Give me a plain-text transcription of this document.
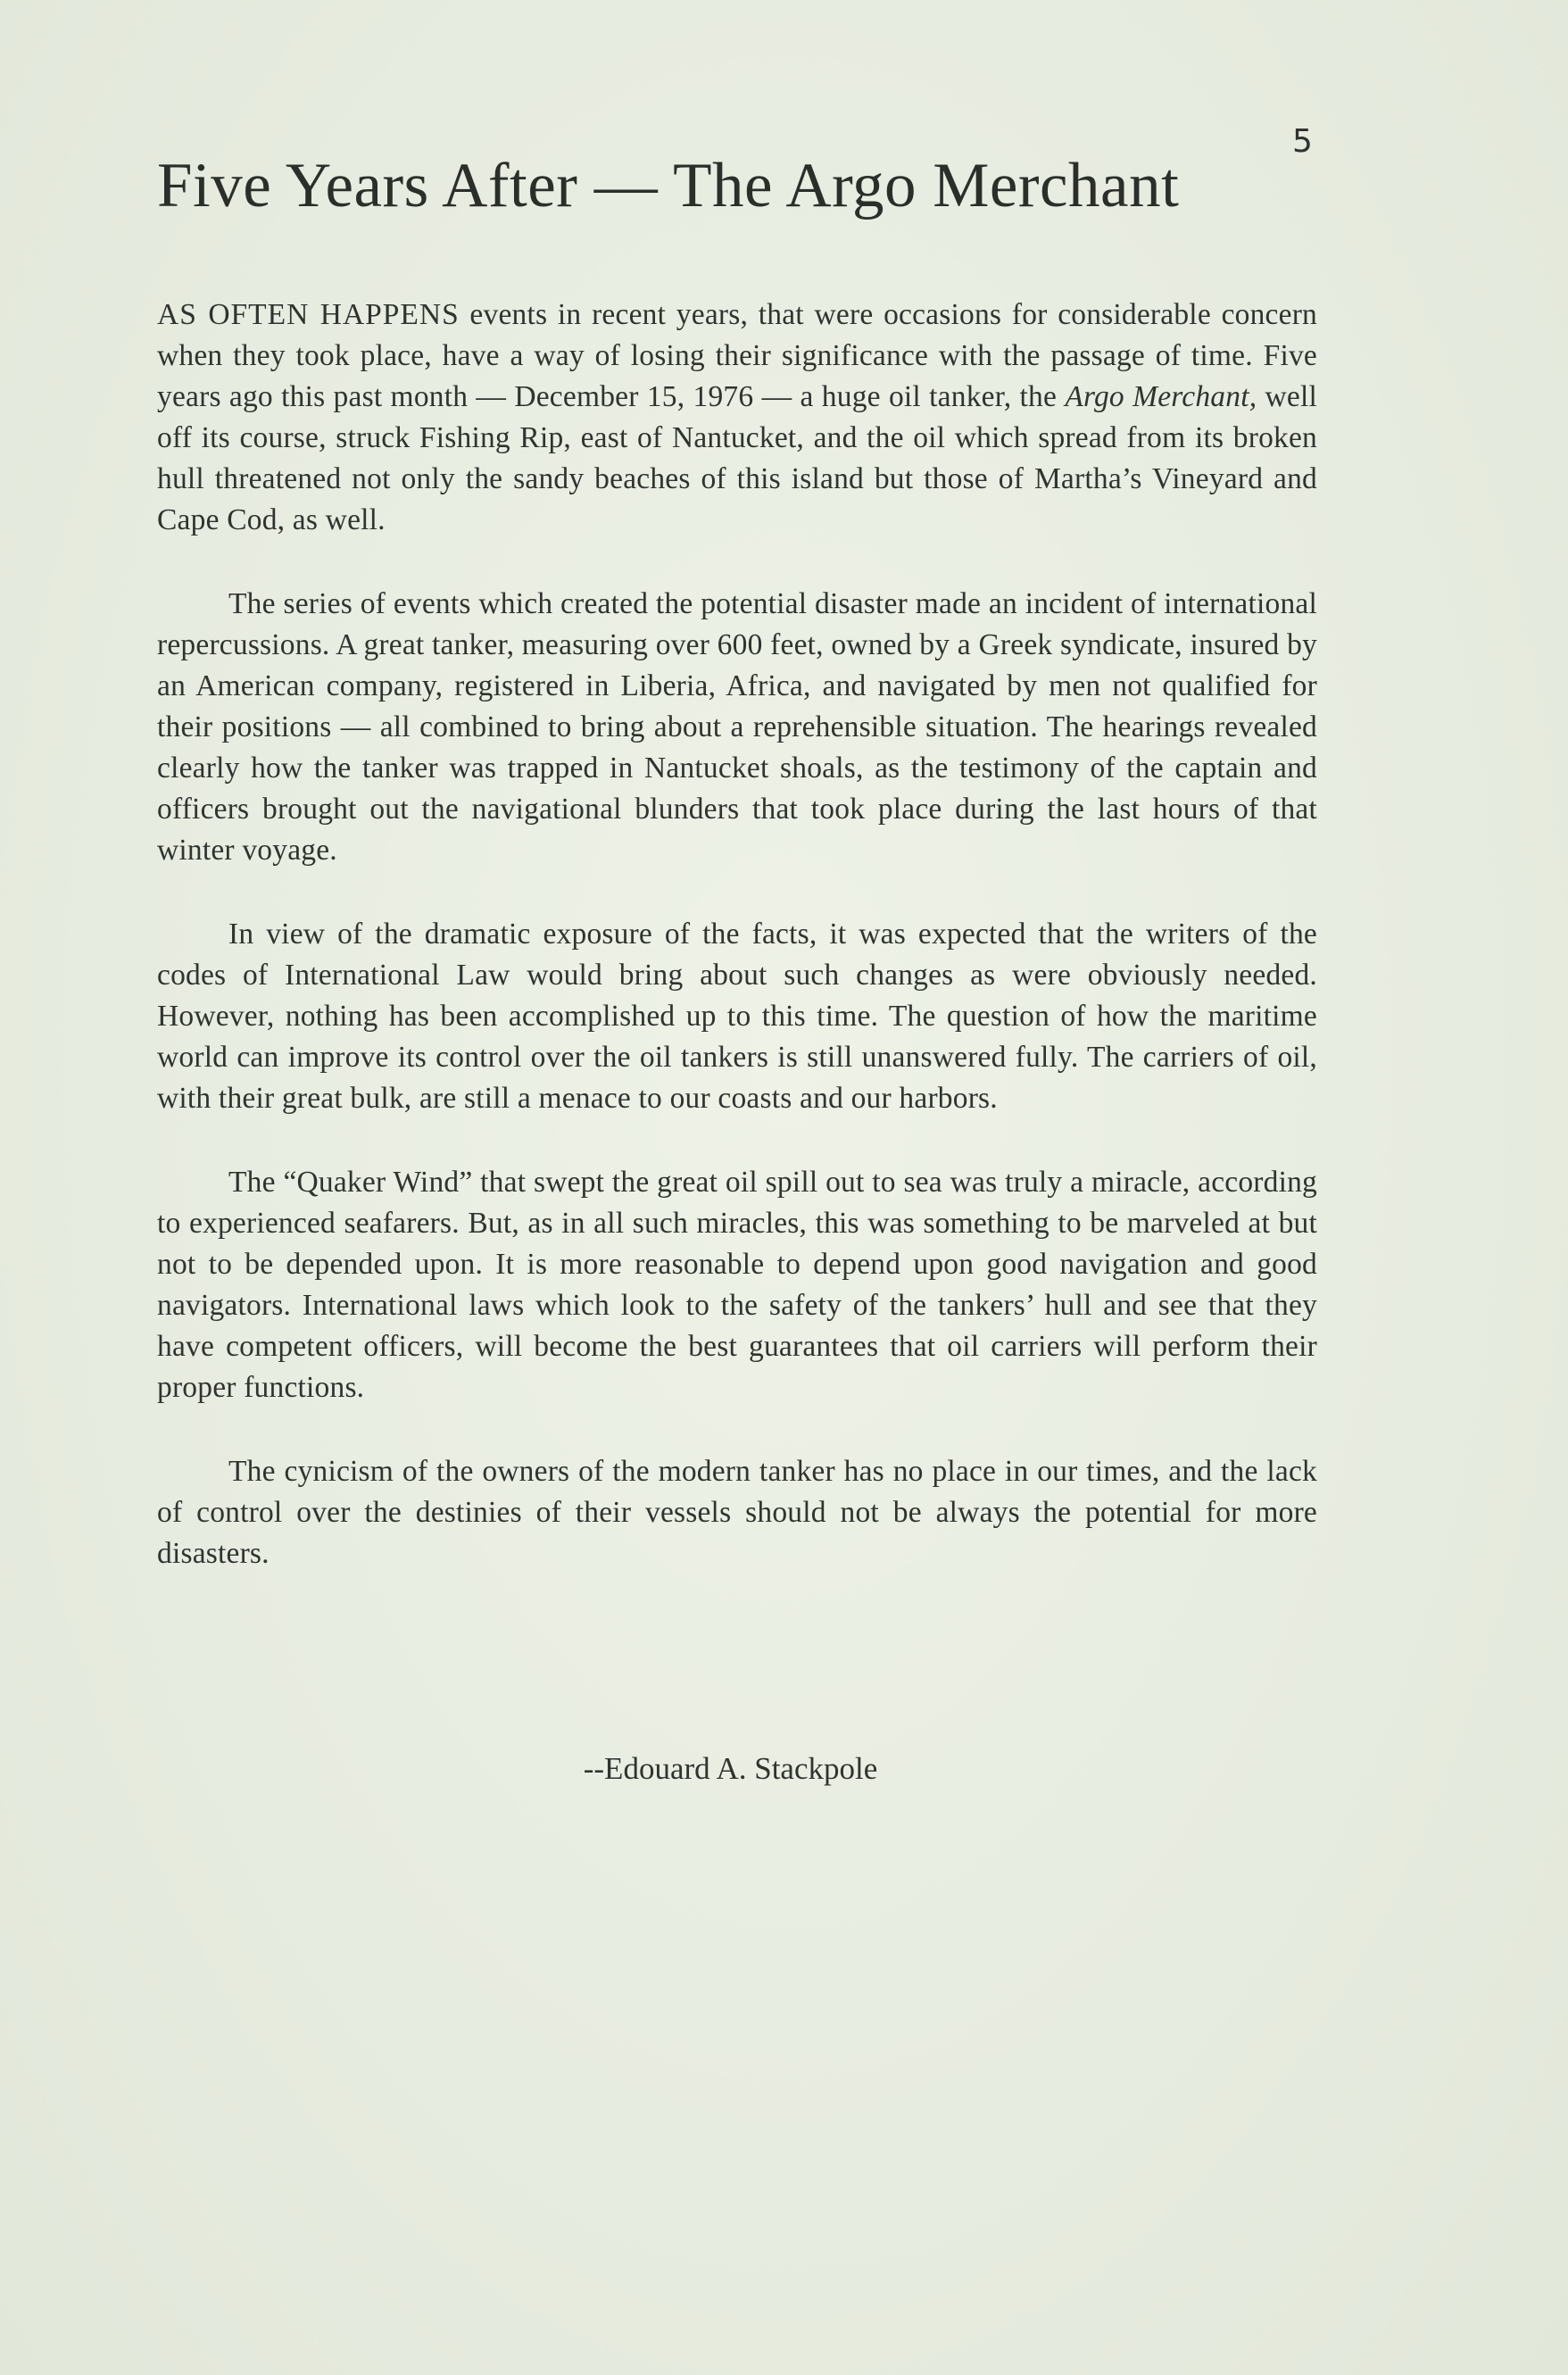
5
Five Years After — The Argo Merchant

AS OFTEN HAPPENS events in recent years, that were occasions for considerable concern when they took place, have a way of losing their significance with the passage of time. Five years ago this past month — December 15, 1976 — a huge oil tanker, the Argo Merchant, well off its course, struck Fishing Rip, east of Nantucket, and the oil which spread from its broken hull threatened not only the sandy beaches of this island but those of Martha’s Vineyard and Cape Cod, as well.

The series of events which created the potential disaster made an incident of international repercussions. A great tanker, measuring over 600 feet, owned by a Greek syndicate, insured by an American company, registered in Liberia, Africa, and navigated by men not qualified for their positions — all combined to bring about a reprehensible situation. The hearings revealed clearly how the tanker was trapped in Nantucket shoals, as the testimony of the captain and officers brought out the navigational blunders that took place during the last hours of that winter voyage.

In view of the dramatic exposure of the facts, it was expected that the writers of the codes of International Law would bring about such changes as were obviously needed. However, nothing has been accomplished up to this time. The question of how the maritime world can improve its control over the oil tankers is still unanswered fully. The carriers of oil, with their great bulk, are still a menace to our coasts and our harbors.

The “Quaker Wind” that swept the great oil spill out to sea was truly a miracle, according to experienced seafarers. But, as in all such miracles, this was something to be marveled at but not to be depended upon. It is more reasonable to depend upon good navigation and good navigators. International laws which look to the safety of the tankers’ hull and see that they have competent officers, will become the best guarantees that oil carriers will perform their proper functions.

The cynicism of the owners of the modern tanker has no place in our times, and the lack of control over the destinies of their vessels should not be always the potential for more disasters.

--Edouard A. Stackpole
